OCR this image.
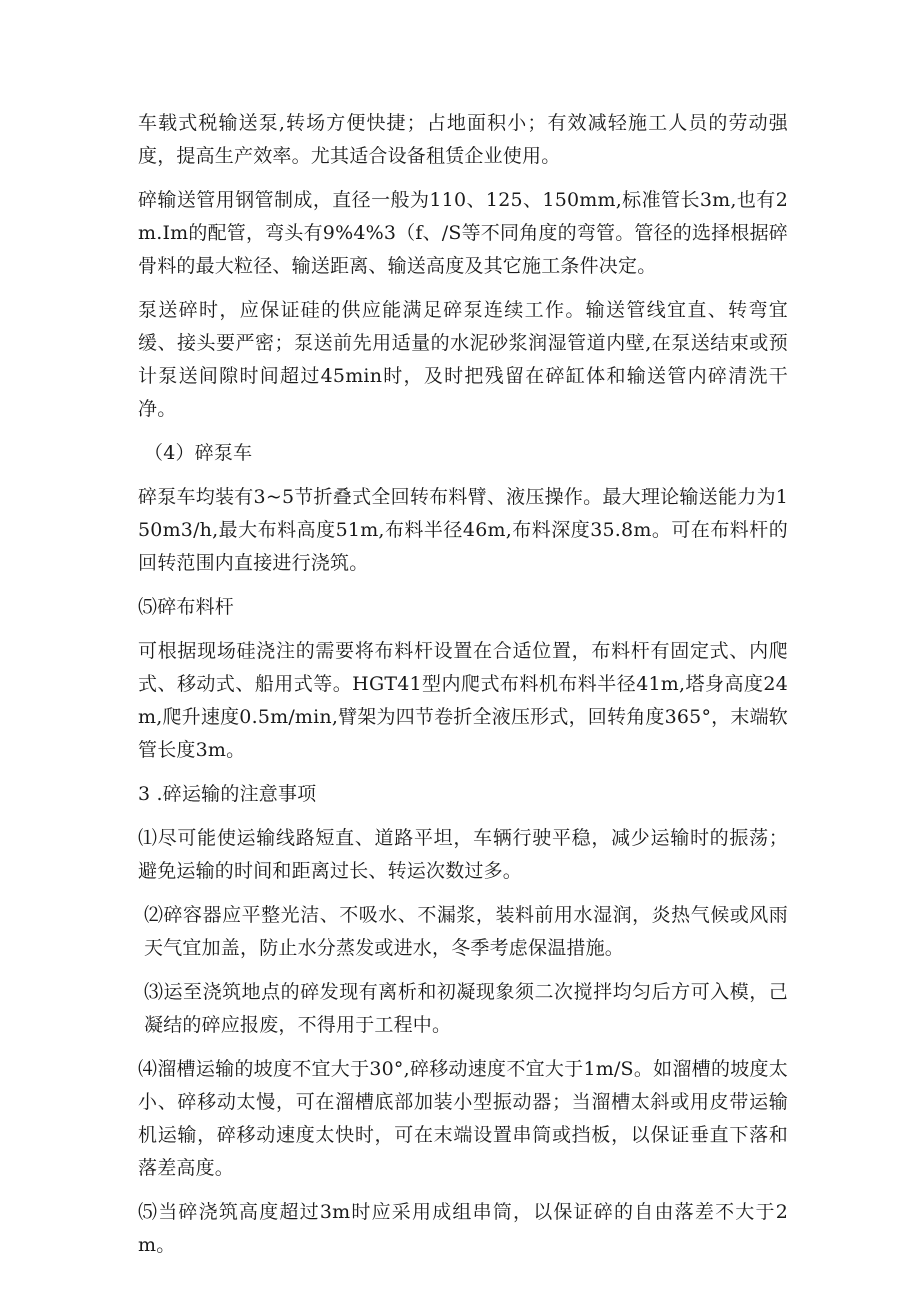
车载式税输送泵,转场方便快捷；占地面积小；有效减轻施工人员的劳动强度，提高生产效率。尤其适合设备租赁企业使用。

碎输送管用钢管制成，直径一般为110、125、150mm,标准管长3m,也有2m.Im的配管，弯头有9%4%3（f、/S等不同角度的弯管。管径的选择根据碎骨料的最大粒径、输送距离、输送高度及其它施工条件决定。

泵送碎时，应保证硅的供应能满足碎泵连续工作。输送管线宜直、转弯宜缓、接头要严密；泵送前先用适量的水泥砂浆润湿管道内壁,在泵送结束或预计泵送间隙时间超过45min时，及时把残留在碎缸体和输送管内碎清洗干净。

（4）碎泵车

碎泵车均装有3~5节折叠式全回转布料臂、液压操作。最大理论输送能力为150m3/h,最大布料高度51m,布料半径46m,布料深度35.8m。可在布料杆的回转范围内直接进行浇筑。

⑸碎布料杆

可根据现场硅浇注的需要将布料杆设置在合适位置，布料杆有固定式、内爬式、移动式、船用式等。HGT41型内爬式布料机布料半径41m,塔身高度24m,爬升速度0.5m/min,臂架为四节卷折全液压形式，回转角度365°，末端软管长度3m。

3 .碎运输的注意事项

⑴尽可能使运输线路短直、道路平坦，车辆行驶平稳，减少运输时的振荡；避免运输的时间和距离过长、转运次数过多。

⑵碎容器应平整光洁、不吸水、不漏浆，装料前用水湿润，炎热气候或风雨天气宜加盖，防止水分蒸发或进水，冬季考虑保温措施。

⑶运至浇筑地点的碎发现有离析和初凝现象须二次搅拌均匀后方可入模，己凝结的碎应报废，不得用于工程中。

⑷溜槽运输的坡度不宜大于30°,碎移动速度不宜大于1m/S。如溜槽的坡度太小、碎移动太慢，可在溜槽底部加装小型振动器；当溜槽太斜或用皮带运输机运输，碎移动速度太快时，可在末端设置串筒或挡板，以保证垂直下落和落差高度。

⑸当碎浇筑高度超过3m时应采用成组串筒，以保证碎的自由落差不大于2m。
